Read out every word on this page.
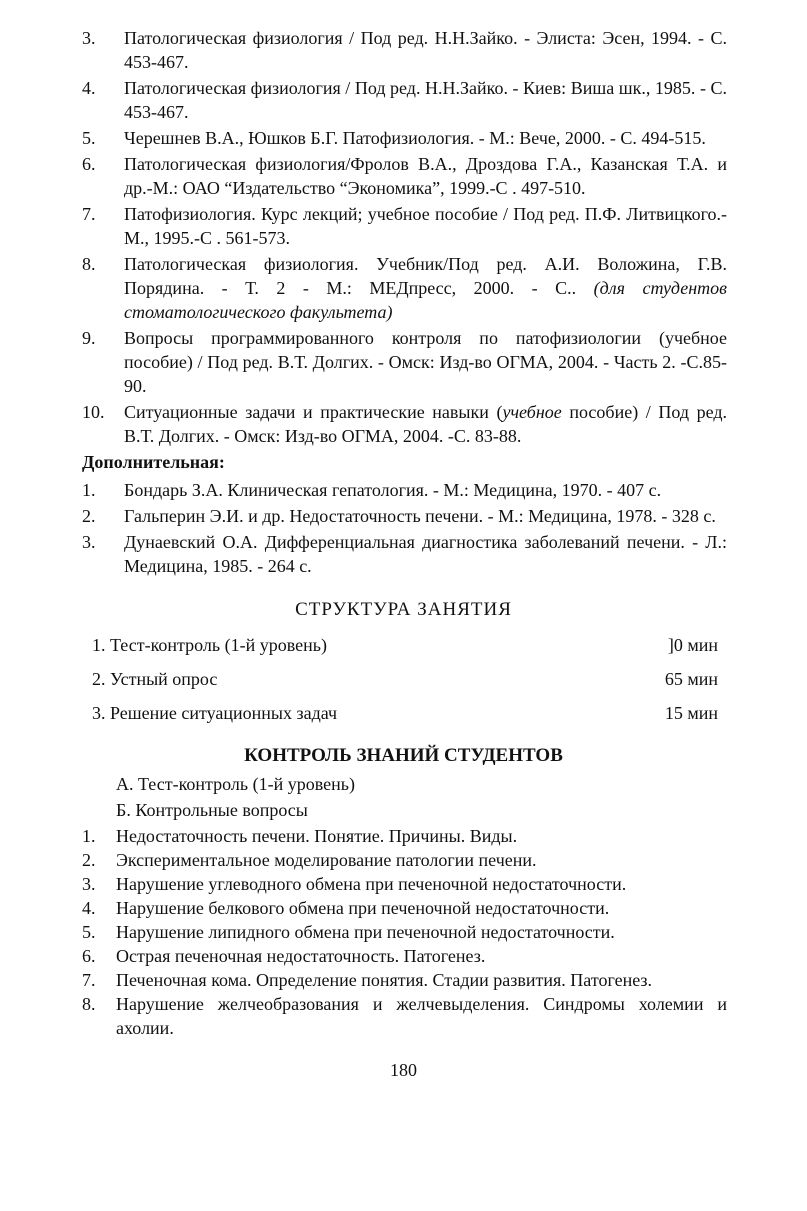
3.	Патологическая физиология / Под ред. Н.Н.Зайко. - Элиста: Эсен, 1994. - С. 453-467.
4.	Патологическая физиология / Под ред. Н.Н.Зайко. - Киев: Виша шк., 1985. - С. 453-467.
5.	Черешнев В.А., Юшков Б.Г. Патофизиология. - М.: Вече, 2000. - С. 494-515.
6.	Патологическая физиология/Фролов В.А., Дроздова Г.А., Казанская Т.А. и др.-М.: ОАО “Издательство “Экономика”, 1999.-С . 497-510.
7.	Патофизиология. Курс лекций; учебное пособие / Под ред. П.Ф. Литвицкого.-М., 1995.-С . 561-573.
8.	Патологическая физиология. Учебник/Под ред. А.И. Воложина, Г.В. Порядина. - Т. 2 - М.: МЕДпресс, 2000. - С.. (для студентов стоматологического факультета)
9.	Вопросы программированного контроля по патофизиологии (учебное пособие) / Под ред. В.Т. Долгих. - Омск: Изд-во ОГМА, 2004. - Часть 2. -С.85-90.
10.	Ситуационные задачи и практические навыки (учебное пособие) / Под ред. В.Т. Долгих. - Омск: Изд-во ОГМА, 2004. -С. 83-88.
Дополнительная:
1.	Бондарь З.А. Клиническая гепатология. - М.: Медицина, 1970. - 407 с.
2.	Гальперин Э.И. и др. Недостаточность печени. - М.: Медицина, 1978. - 328 с.
3.	Дунаевский О.А. Дифференциальная диагностика заболеваний печени. - Л.: Медицина, 1985. - 264 с.
СТРУКТУРА ЗАНЯТИЯ
1. Тест-контроль (1-й уровень)	]0 мин
2. Устный опрос	65 мин
3. Решение ситуационных задач	15 мин
КОНТРОЛЬ ЗНАНИЙ СТУДЕНТОВ
А. Тест-контроль (1-й уровень)
Б. Контрольные вопросы
1.	Недостаточность печени. Понятие. Причины. Виды.
2.	Экспериментальное моделирование патологии печени.
3.	Нарушение углеводного обмена при печеночной недостаточности.
4.	Нарушение белкового обмена при печеночной недостаточности.
5.	Нарушение липидного обмена при печеночной недостаточности.
6.	Острая печеночная недостаточность. Патогенез.
7.	Печеночная кома. Определение понятия. Стадии развития. Патогенез.
8.	Нарушение желчеобразования и желчевыделения. Синдромы холемии и ахолии.
180
